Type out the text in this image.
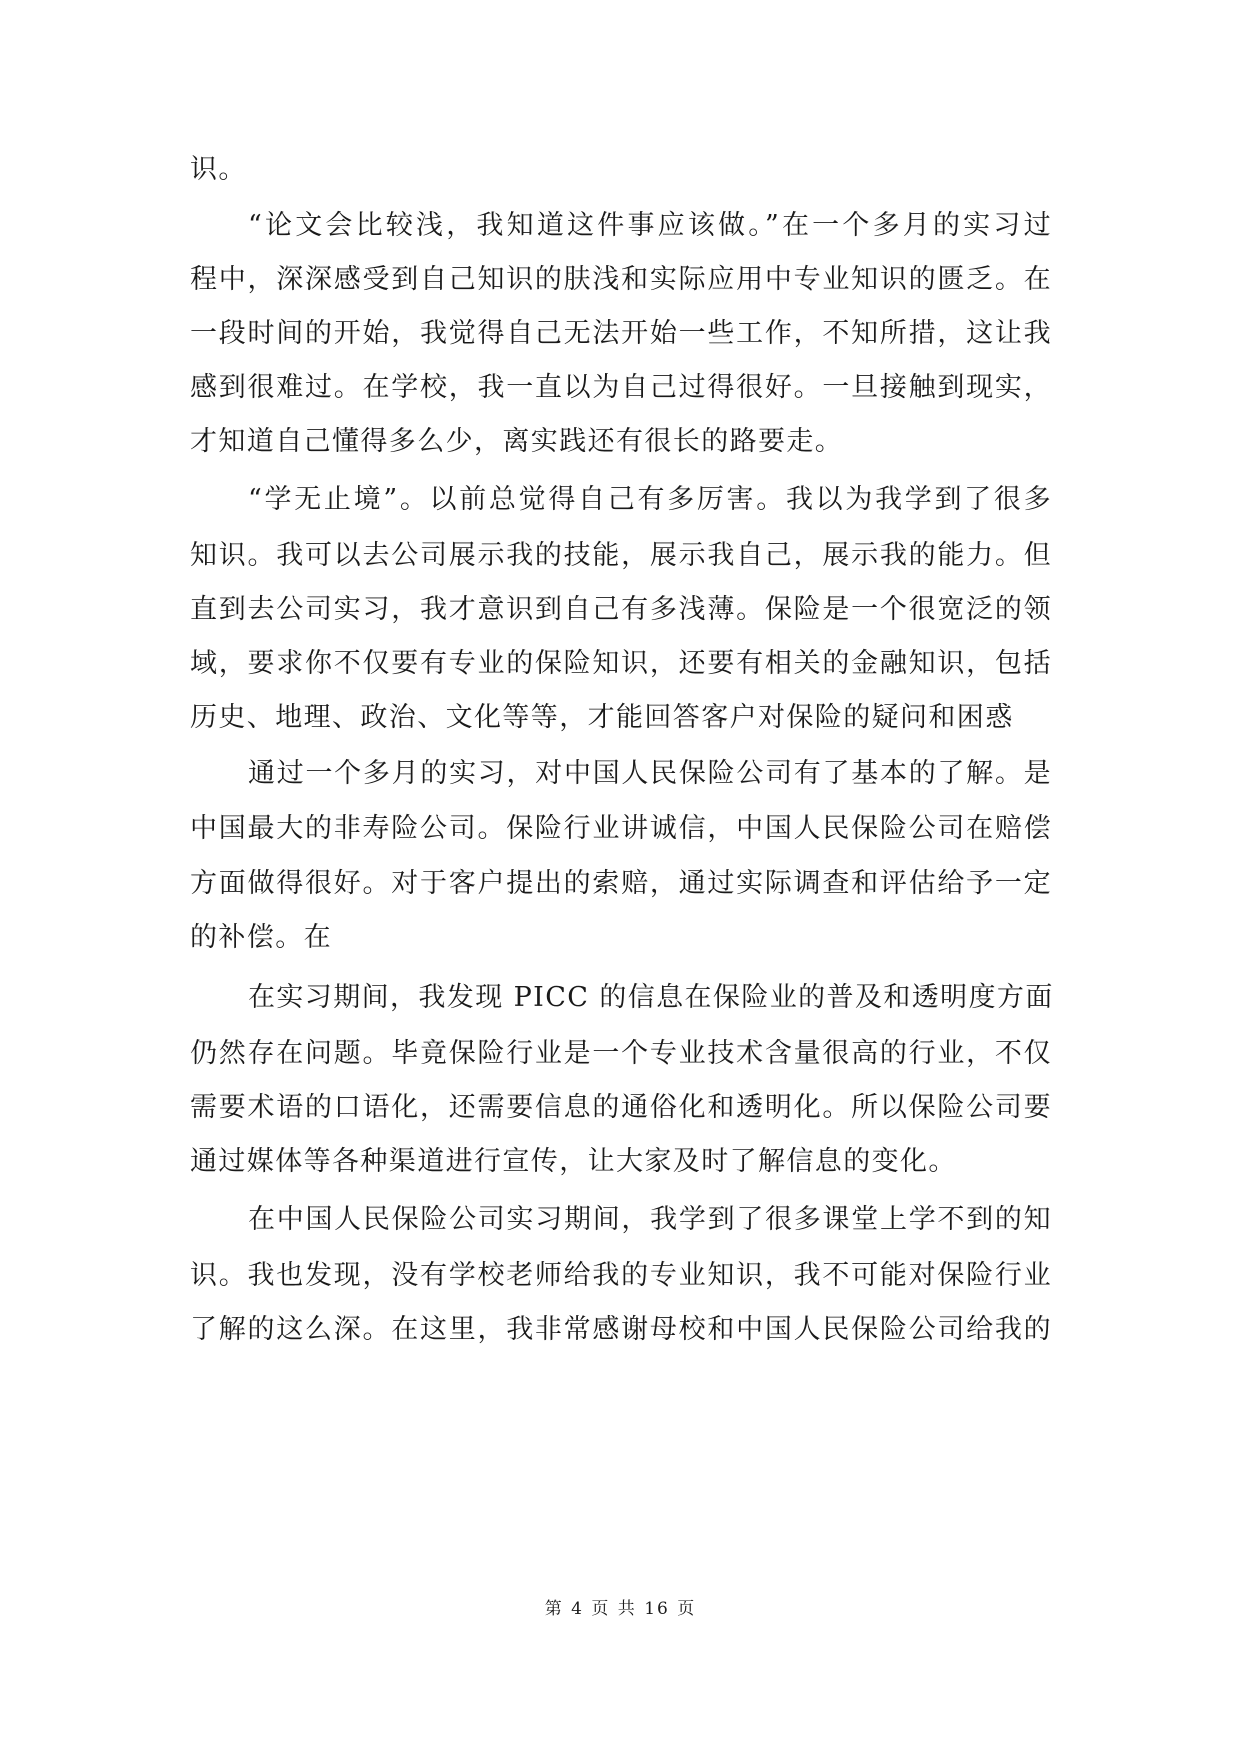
识。
“论文会比较浅，我知道这件事应该做。”在一个多月的实习过
程中，深深感受到自己知识的肤浅和实际应用中专业知识的匮乏。在
一段时间的开始，我觉得自己无法开始一些工作，不知所措，这让我
感到很难过。在学校，我一直以为自己过得很好。一旦接触到现实，
才知道自己懂得多么少，离实践还有很长的路要走。
“学无止境”。以前总觉得自己有多厉害。我以为我学到了很多
知识。我可以去公司展示我的技能，展示我自己，展示我的能力。但
直到去公司实习，我才意识到自己有多浅薄。保险是一个很宽泛的领
域，要求你不仅要有专业的保险知识，还要有相关的金融知识，包括
历史、地理、政治、文化等等，才能回答客户对保险的疑问和困惑
通过一个多月的实习，对中国人民保险公司有了基本的了解。是
中国最大的非寿险公司。保险行业讲诚信，中国人民保险公司在赔偿
方面做得很好。对于客户提出的索赔，通过实际调查和评估给予一定
的补偿。在
在实习期间，我发现 PICC 的信息在保险业的普及和透明度方面
仍然存在问题。毕竟保险行业是一个专业技术含量很高的行业，不仅
需要术语的口语化，还需要信息的通俗化和透明化。所以保险公司要
通过媒体等各种渠道进行宣传，让大家及时了解信息的变化。
在中国人民保险公司实习期间，我学到了很多课堂上学不到的知
识。我也发现，没有学校老师给我的专业知识，我不可能对保险行业
了解的这么深。在这里，我非常感谢母校和中国人民保险公司给我的
第 4 页 共 16 页
